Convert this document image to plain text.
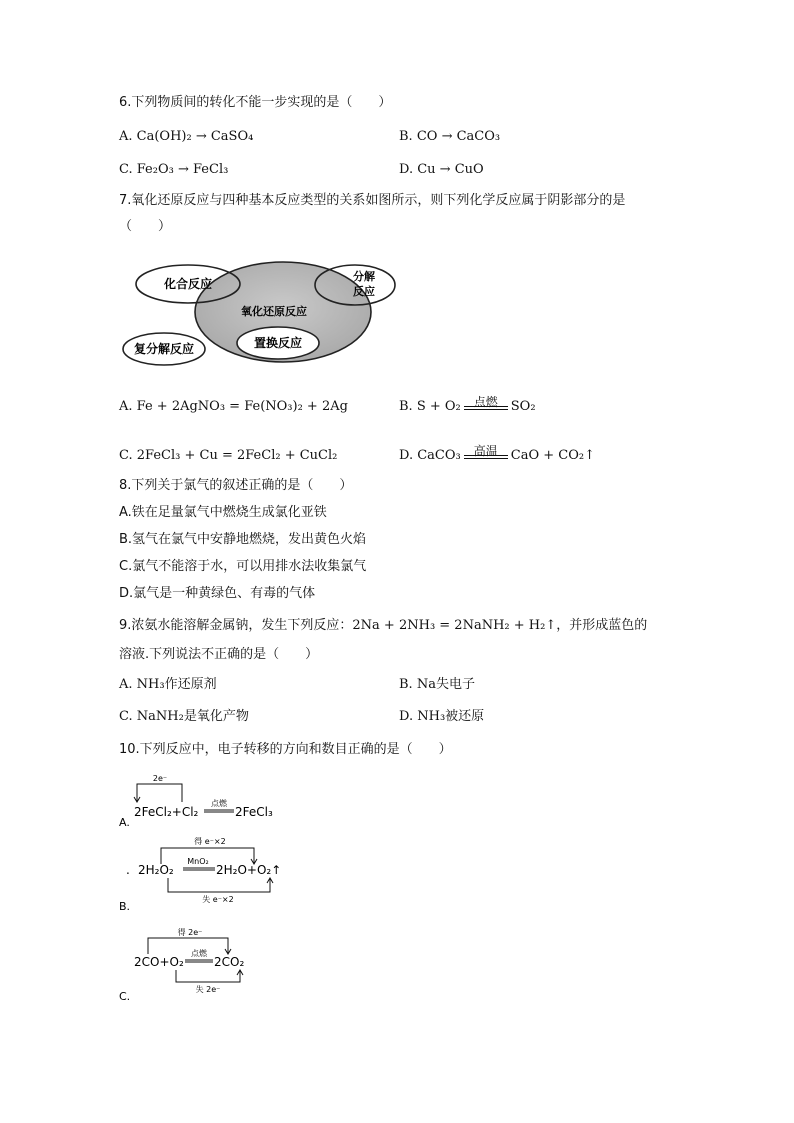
6.下列物质间的转化不能一步实现的是（　　）
A. Ca(OH)₂ → CaSO₄	B. CO → CaCO₃
C. Fe₂O₃ → FeCl₃	D. Cu → CuO
7.氧化还原反应与四种基本反应类型的关系如图所示，则下列化学反应属于阴影部分的是
（　　）
化合反应
分解
反应
氧化还原反应
复分解反应	置换反应
A. Fe + 2AgNO₃ = Fe(NO₃)₂ + 2Ag	B. S + O₂	点燃	SO₂
C. 2FeCl₃ + Cu = 2FeCl₂ + CuCl₂	D. CaCO₃	高温	CaO + CO₂↑
8.下列关于氯气的叙述正确的是（　　）
A.铁在足量氯气中燃烧生成氯化亚铁
B.氢气在氯气中安静地燃烧，发出黄色火焰
C.氯气不能溶于水，可以用排水法收集氯气
D.氯气是一种黄绿色、有毒的气体
9.浓氨水能溶解金属钠，发生下列反应：2Na + 2NH₃ = 2NaNH₂ + H₂↑，并形成蓝色的
溶液.下列说法不正确的是（　　）
A. NH₃作还原剂	B. Na失电子
C. NaNH₂是氧化产物	D. NH₃被还原
10.下列反应中，电子转移的方向和数目正确的是（　　）
2e⁻
2FeCl₂+Cl₂
点燃
2FeCl₃
A.
得 e⁻×2
. 2H₂O₂
MnO₂
2H₂O+O₂↑
失 e⁻×2
B.
得 2e⁻
2CO+O₂
点燃
2CO₂
失 2e⁻
C.
